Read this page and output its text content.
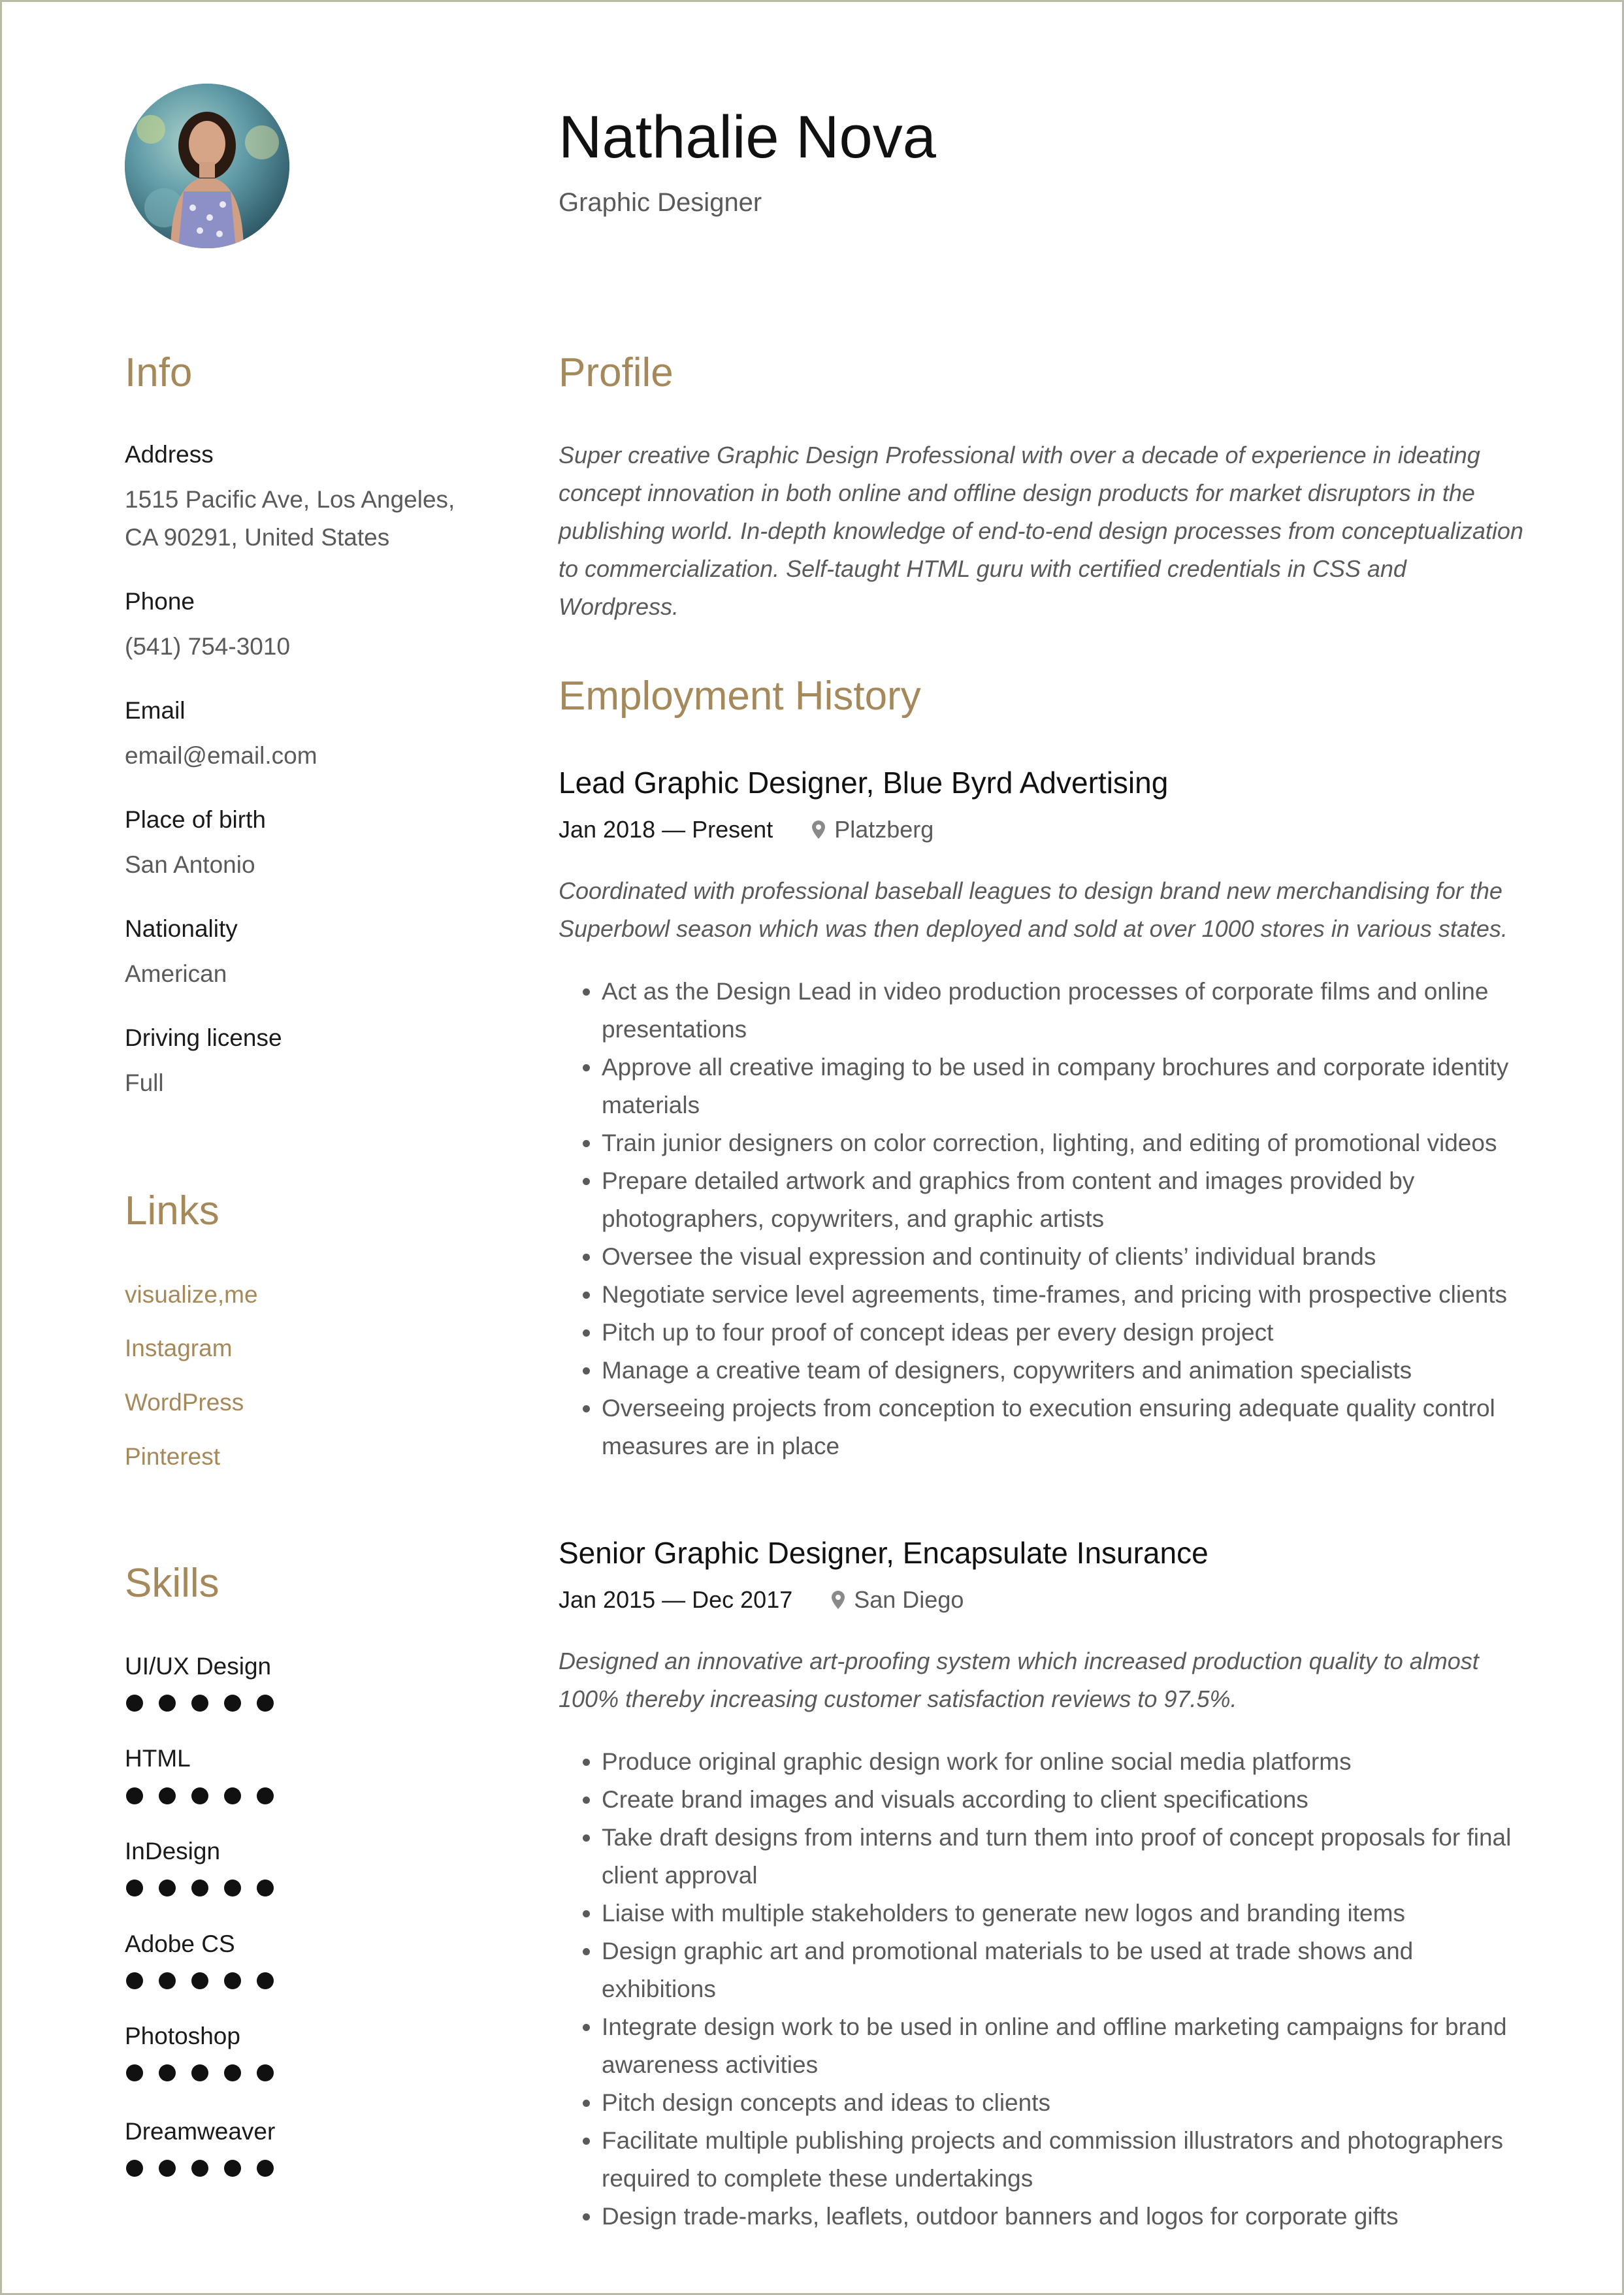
Nathalie Nova
Graphic Designer
Info
Address
1515 Pacific Ave, Los Angeles,
CA 90291, United States
Phone
(541) 754-3010
Email
email@email.com
Place of birth
San Antonio
Nationality
American
Driving license
Full
Links
visualize,me
Instagram
WordPress
Pinterest
Skills
UI/UX Design
HTML
InDesign
Adobe CS
Photoshop
Dreamweaver
Profile
Super creative Graphic Design Professional with over a decade of experience in ideating concept innovation in both online and offline design products for market disruptors in the publishing world. In-depth knowledge of end-to-end design processes from conceptualization to commercialization. Self-taught HTML guru with certified credentials in CSS and Wordpress.
Employment History
Lead Graphic Designer, Blue Byrd Advertising
Jan 2018 — Present	Platzberg
Coordinated with professional baseball leagues to design brand new merchandising for the Superbowl season which was then deployed and sold at over 1000 stores in various states.
• Act as the Design Lead in video production processes of corporate films and online presentations
• Approve all creative imaging to be used in company brochures and corporate identity materials
• Train junior designers on color correction, lighting, and editing of promotional videos
• Prepare detailed artwork and graphics from content and images provided by photographers, copywriters, and graphic artists
• Oversee the visual expression and continuity of clients’ individual brands
• Negotiate service level agreements, time-frames, and pricing with prospective clients
• Pitch up to four proof of concept ideas per every design project
• Manage a creative team of designers, copywriters and animation specialists
• Overseeing projects from conception to execution ensuring adequate quality control measures are in place
Senior Graphic Designer, Encapsulate Insurance
Jan 2015 — Dec 2017	San Diego
Designed an innovative art-proofing system which increased production quality to almost 100% thereby increasing customer satisfaction reviews to 97.5%.
• Produce original graphic design work for online social media platforms
• Create brand images and visuals according to client specifications
• Take draft designs from interns and turn them into proof of concept proposals for final client approval
• Liaise with multiple stakeholders to generate new logos and branding items
• Design graphic art and promotional materials to be used at trade shows and exhibitions
• Integrate design work to be used in online and offline marketing campaigns for brand awareness activities
• Pitch design concepts and ideas to clients
• Facilitate multiple publishing projects and commission illustrators and photographers required to complete these undertakings
• Design trade-marks, leaflets, outdoor banners and logos for corporate gifts
